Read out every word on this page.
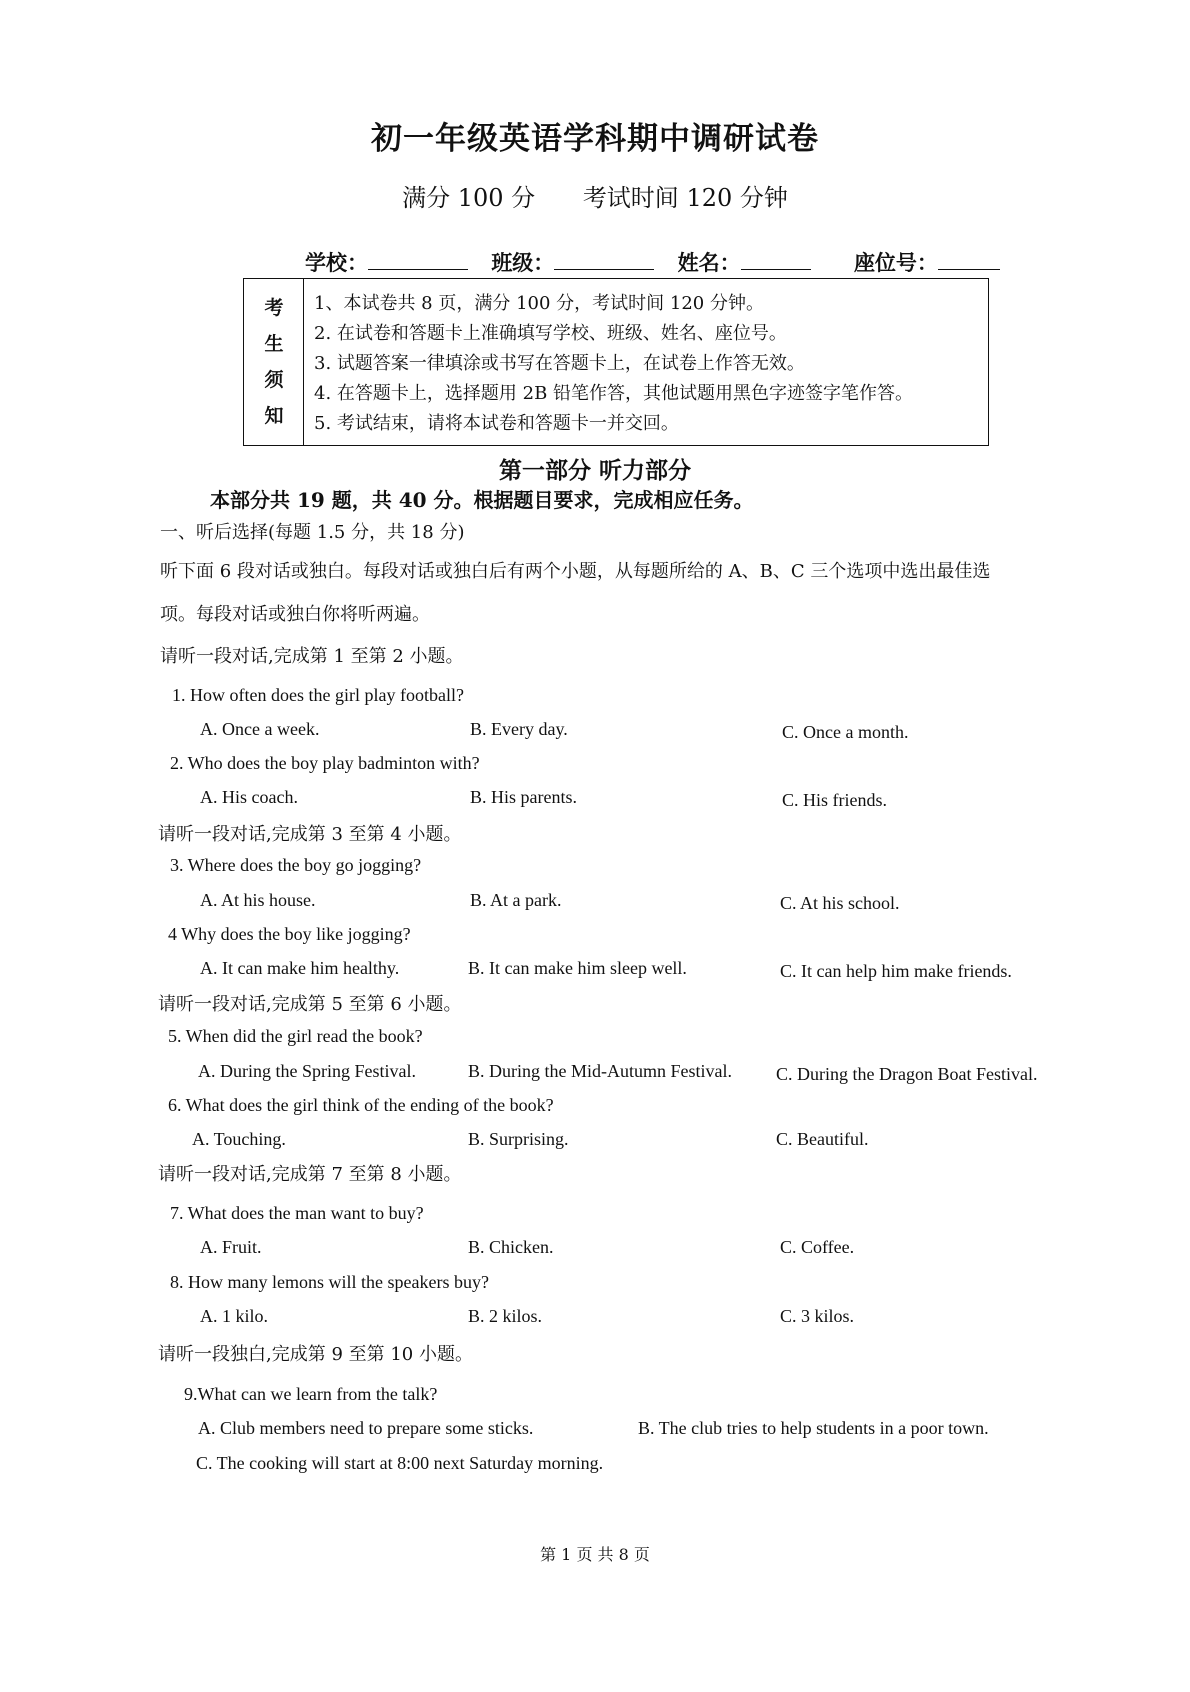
初一年级英语学科期中调研试卷
满分 100 分 考试时间 120 分钟
学校：	班级：	姓名：	座位号：
考
生
须
知
1、本试卷共 8 页，满分 100 分，考试时间 120 分钟。
2. 在试卷和答题卡上准确填写学校、班级、姓名、座位号。
3. 试题答案一律填涂或书写在答题卡上，在试卷上作答无效。
4. 在答题卡上，选择题用 2B 铅笔作答，其他试题用黑色字迹签字笔作答。
5. 考试结束，请将本试卷和答题卡一并交回。
第一部分 听力部分
本部分共 19 题，共 40 分。根据题目要求，完成相应任务。
一、听后选择(每题 1.5 分，共 18 分)
听下面 6 段对话或独白。每段对话或独白后有两个小题，从每题所给的 A、B、C 三个选项中选出最佳选
项。每段对话或独白你将听两遍。
请听一段对话,完成第 1 至第 2 小题。
1. How often does the girl play football?
A. Once a week.	B. Every day.	C. Once a month.
2. Who does the boy play badminton with?
A. His coach.	B. His parents.	C. His friends.
请听一段对话,完成第 3 至第 4 小题。
3. Where does the boy go jogging?
A. At his house.	B. At a park.	C. At his school.
4 Why does the boy like jogging?
A. It can make him healthy.	B. It can make him sleep well.	C. It can help him make friends.
请听一段对话,完成第 5 至第 6 小题。
5. When did the girl read the book?
A. During the Spring Festival.	B. During the Mid-Autumn Festival. C. During the Dragon Boat Festival.
6. What does the girl think of the ending of the book?
A. Touching.	B. Surprising.	C. Beautiful.
请听一段对话,完成第 7 至第 8 小题。
7. What does the man want to buy?
A. Fruit.	B. Chicken.	C. Coffee.
8. How many lemons will the speakers buy?
A. 1 kilo.	B. 2 kilos.	C. 3 kilos.
请听一段独白,完成第 9 至第 10 小题。
9.What can we learn from the talk?
A. Club members need to prepare some sticks.	B. The club tries to help students in a poor town.
C. The cooking will start at 8:00 next Saturday morning.
第 1 页 共 8 页
